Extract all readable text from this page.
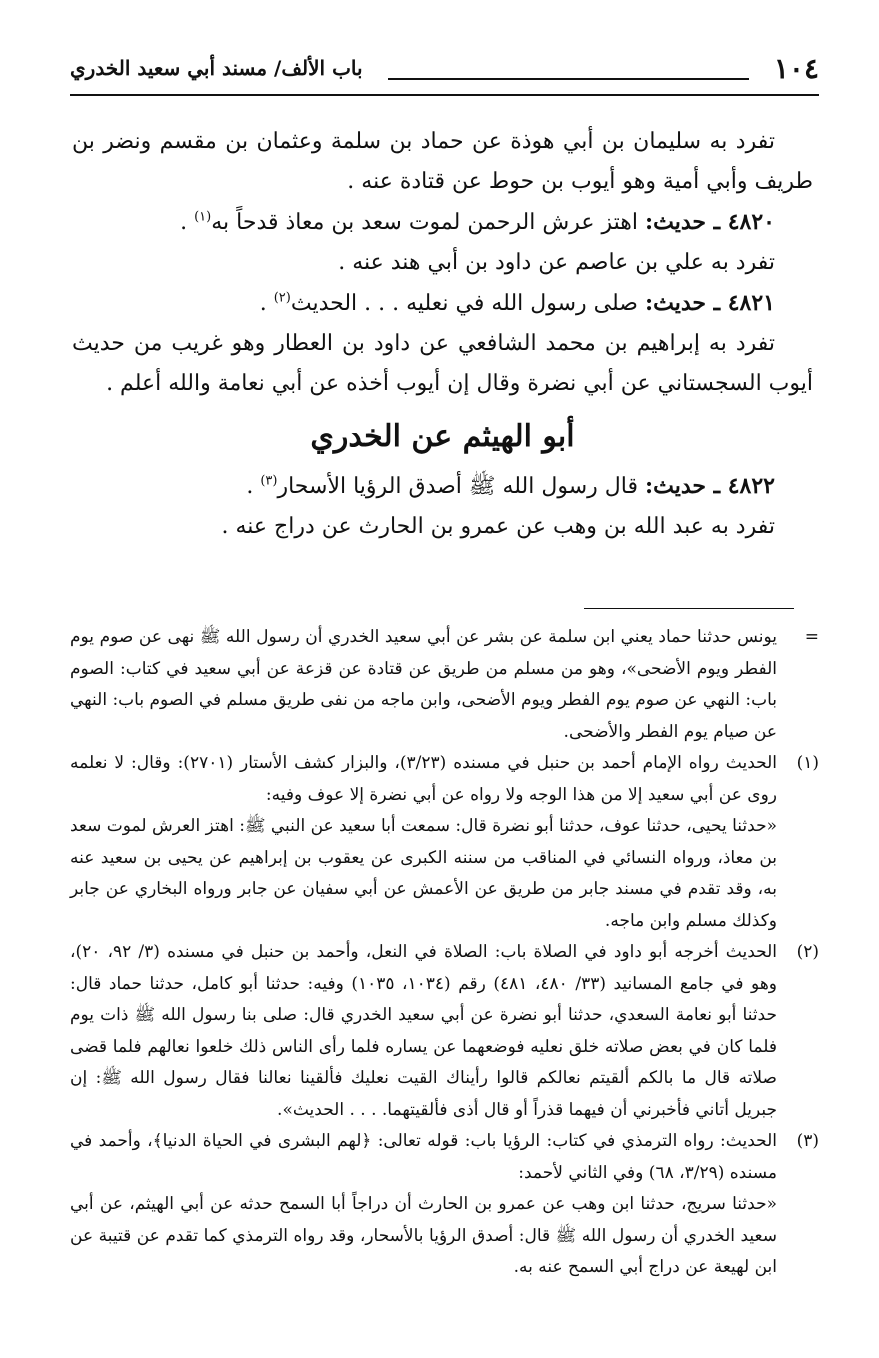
١٠٤
باب الألف/ مسند أبي سعيد الخدري

تفرد به سليمان بن أبي هوذة عن حماد بن سلمة وعثمان بن مقسم ونضر بن طريف وأبي أمية وهو أيوب بن حوط عن قتادة عنه .

٤٨٢٠ ـ حديث: اهتز عرش الرحمن لموت سعد بن معاذ قدحاً به$^{(١)}$ .

تفرد به علي بن عاصم عن داود بن أبي هند عنه .

٤٨٢١ ـ حديث: صلى رسول الله في نعليه . . . الحديث$^{(٢)}$ .

تفرد به إبراهيم بن محمد الشافعي عن داود بن العطار وهو غريب من حديث أيوب السجستاني عن أبي نضرة وقال إن أيوب أخذه عن أبي نعامة والله أعلم .

أبو الهيثم عن الخدري

٤٨٢٢ ـ حديث: قال رسول الله ﷺ أصدق الرؤيا الأسحار$^{(٣)}$ .

تفرد به عبد الله بن وهب عن عمرو بن الحارث عن دراج عنه .

=

يونس حدثنا حماد يعني ابن سلمة عن بشر عن أبي سعيد الخدري أن رسول الله ﷺ نهى عن صوم يوم الفطر ويوم الأضحى»، وهو من مسلم من طريق عن قتادة عن قزعة عن أبي سعيد في كتاب: الصوم باب: النهي عن صوم يوم الفطر ويوم الأضحى، وابن ماجه من نفى طريق مسلم في الصوم باب: النهي عن صيام يوم الفطر والأضحى.

(١)

الحديث رواه الإمام أحمد بن حنبل في مسنده (٣/٢٣)، والبزار كشف الأستار (٢٧٠١): وقال: لا نعلمه روى عن أبي سعيد إلا من هذا الوجه ولا رواه عن أبي نضرة إلا عوف وفيه:

«حدثنا يحيى، حدثنا عوف، حدثنا أبو نضرة قال: سمعت أبا سعيد عن النبي ﷺ: اهتز العرش لموت سعد بن معاذ، ورواه النسائي في المناقب من سننه الكبرى عن يعقوب بن إبراهيم عن يحيى بن سعيد عنه به، وقد تقدم في مسند جابر من طريق عن الأعمش عن أبي سفيان عن جابر ورواه البخاري عن جابر وكذلك مسلم وابن ماجه.

(٢)

الحديث أخرجه أبو داود في الصلاة باب: الصلاة في النعل، وأحمد بن حنبل في مسنده (٣/ ٩٢، ٢٠)، وهو في جامع المسانيد (٣٣/ ٤٨٠، ٤٨١) رقم (١٠٣٤، ١٠٣٥) وفيه: حدثنا أبو كامل، حدثنا حماد قال: حدثنا أبو نعامة السعدي، حدثنا أبو نضرة عن أبي سعيد الخدري قال: صلى بنا رسول الله ﷺ ذات يوم فلما كان في بعض صلاته خلق نعليه فوضعهما عن يساره فلما رأى الناس ذلك خلعوا نعالهم فلما قضى صلاته قال ما بالكم ألقيتم نعالكم قالوا رأيناك القيت نعليك فألقينا نعالنا فقال رسول الله ﷺ: إن جبريل أتاني فأخبرني أن فيهما قذراً أو قال أذى فألقيتهما. . . . الحديث».

(٣)

الحديث: رواه الترمذي في كتاب: الرؤيا باب: قوله تعالى: ﴿لهم البشرى في الحياة الدنيا﴾، وأحمد في مسنده (٣/٢٩، ٦٨) وفي الثاني لأحمد:

«حدثنا سريج، حدثنا ابن وهب عن عمرو بن الحارث أن دراجاً أبا السمح حدثه عن أبي الهيثم، عن أبي سعيد الخدري أن رسول الله ﷺ قال: أصدق الرؤيا بالأسحار، وقد رواه الترمذي كما تقدم عن قتيبة عن ابن لهيعة عن دراج أبي السمح عنه به.
